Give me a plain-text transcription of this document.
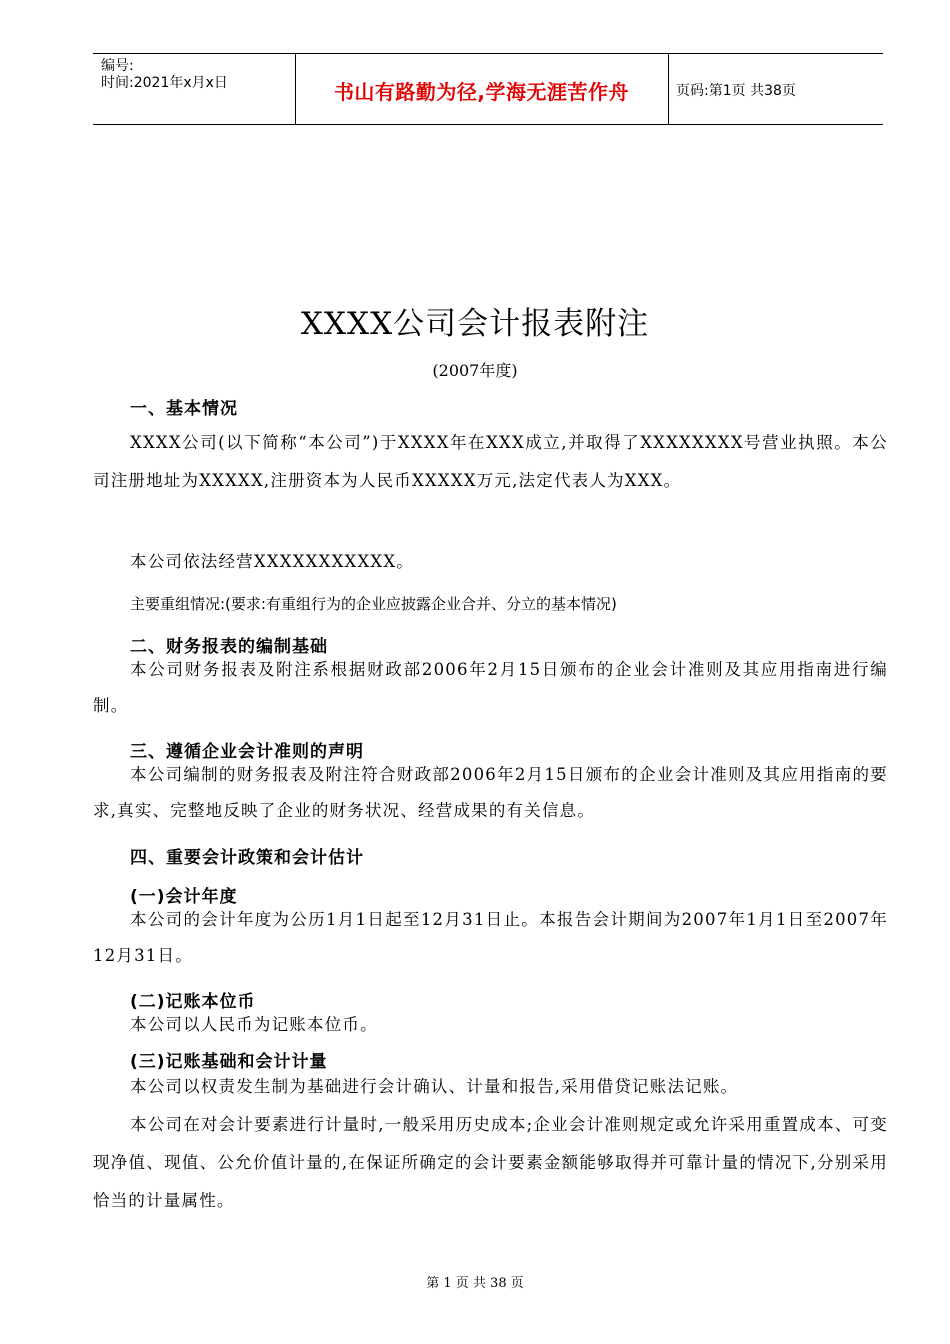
编号:
时间:2021年x月x日	书山有路勤为径,学海无涯苦作舟	页码:第1页 共38页
XXXX公司会计报表附注
(2007年度)
一、基本情况

XXXX公司(以下简称“本公司”)于XXXX年在XXX成立,并取得了XXXXXXXX号营业执照。本公司注册地址为XXXXX,注册资本为人民币XXXXX万元,法定代表人为XXX。

本公司依法经营XXXXXXXXXXX。

主要重组情况:(要求:有重组行为的企业应披露企业合并、分立的基本情况)
二、财务报表的编制基础

本公司财务报表及附注系根据财政部2006年2月15日颁布的企业会计准则及其应用指南进行编制。

三、遵循企业会计准则的声明

本公司编制的财务报表及附注符合财政部2006年2月15日颁布的企业会计准则及其应用指南的要求,真实、完整地反映了企业的财务状况、经营成果的有关信息。

四、重要会计政策和会计估计
(一)会计年度

本公司的会计年度为公历1月1日起至12月31日止。本报告会计期间为2007年1月1日至2007年12月31日。

(二)记账本位币

本公司以人民币为记账本位币。

(三)记账基础和会计计量

本公司以权责发生制为基础进行会计确认、计量和报告,采用借贷记账法记账。

本公司在对会计要素进行计量时,一般采用历史成本;企业会计准则规定或允许采用重置成本、可变现净值、现值、公允价值计量的,在保证所确定的会计要素金额能够取得并可靠计量的情况下,分别采用恰当的计量属性。

第 1 页 共 38 页
